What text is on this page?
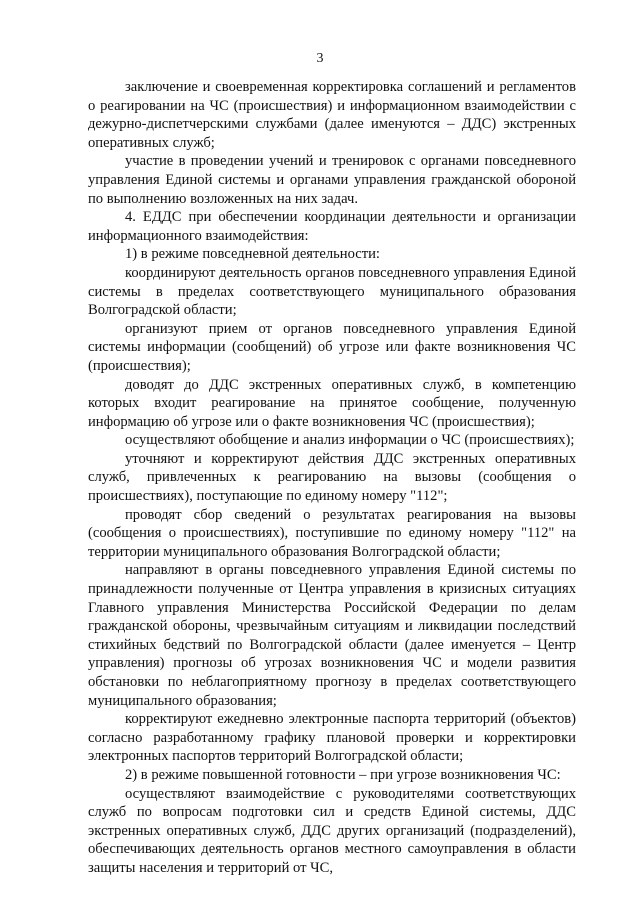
3

заключение и своевременная корректировка соглашений и регламентов о реагировании на ЧС (происшествия) и информационном взаимодействии с дежурно-диспетчерскими службами (далее именуются – ДДС) экстренных оперативных служб;

участие в проведении учений и тренировок с органами повседневного управления Единой системы и органами управления гражданской обороной по выполнению возложенных на них задач.

4. ЕДДС при обеспечении координации деятельности и организации информационного взаимодействия:

1) в режиме повседневной деятельности:

координируют деятельность органов повседневного управления Единой системы в пределах соответствующего муниципального образования Волгоградской области;

организуют прием от органов повседневного управления Единой системы информации (сообщений) об угрозе или факте возникновения ЧС (происшествия);

доводят до ДДС экстренных оперативных служб, в компетенцию которых входит реагирование на принятое сообщение, полученную информацию об угрозе или о факте возникновения ЧС (происшествия);

осуществляют обобщение и анализ информации о ЧС (происшествиях);

уточняют и корректируют действия ДДС экстренных оперативных служб, привлеченных к реагированию на вызовы (сообщения о происшествиях), поступающие по единому номеру "112";

проводят сбор сведений о результатах реагирования на вызовы (сообщения о происшествиях), поступившие по единому номеру "112" на территории муниципального образования Волгоградской области;

направляют в органы повседневного управления Единой системы по принадлежности полученные от Центра управления в кризисных ситуациях Главного управления Министерства Российской Федерации по делам гражданской обороны, чрезвычайным ситуациям и ликвидации последствий стихийных бедствий по Волгоградской области (далее именуется – Центр управления) прогнозы об угрозах возникновения ЧС и модели развития обстановки по неблагоприятному прогнозу в пределах соответствующего муниципального образования;

корректируют ежедневно электронные паспорта территорий (объектов) согласно разработанному графику плановой проверки и корректировки электронных паспортов территорий Волгоградской области;

2) в режиме повышенной готовности – при угрозе возникновения ЧС:

осуществляют взаимодействие с руководителями соответствующих служб по вопросам подготовки сил и средств Единой системы, ДДС экстренных оперативных служб, ДДС других организаций (подразделений), обеспечивающих деятельность органов местного самоуправления в области защиты населения и территорий от ЧС,
